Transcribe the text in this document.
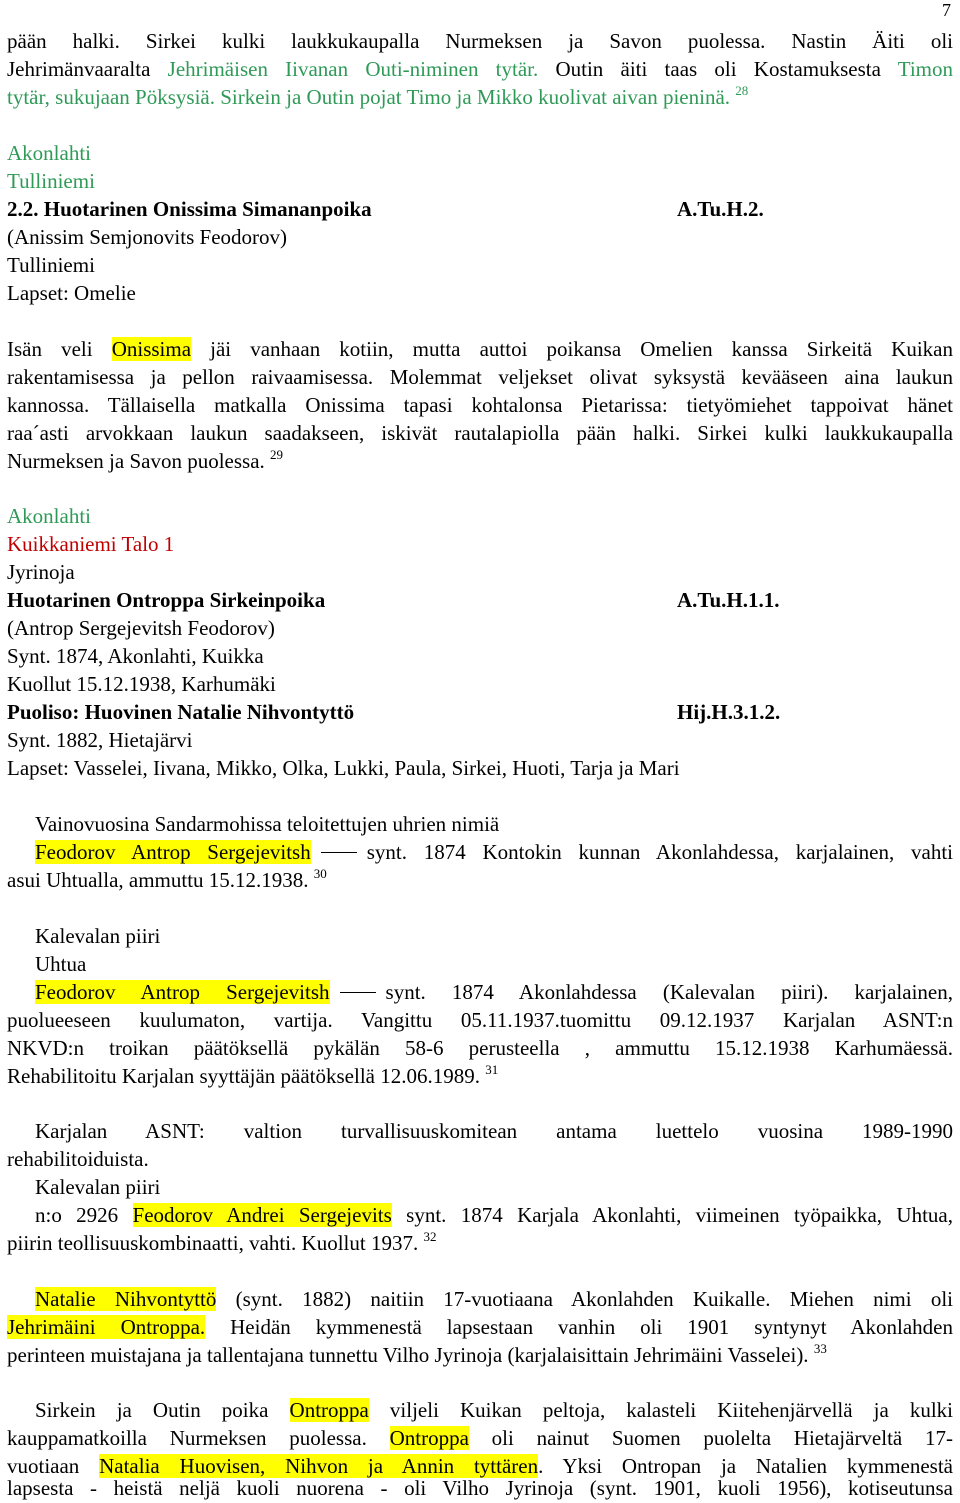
7
pään halki. Sirkei kulki laukkukaupalla Nurmeksen ja Savon puolessa. Nastin Äiti oli
Jehrimänvaaralta Jehrimäisen Iivanan Outi-niminen tytär. Outin äiti taas oli Kostamuksesta Timon
tytär, sukujaan Pöksysiä. Sirkein ja Outin pojat Timo ja Mikko kuolivat aivan pieninä. $^{28}$
Akonlahti
Tulliniemi
2.2. Huotarinen Onissima Simananpoika	A.Tu.H.2.
(Anissim Semjonovits Feodorov)
Tulliniemi
Lapset: Omelie
Isän veli Onissima jäi vanhaan kotiin, mutta auttoi poikansa Omelien kanssa Sirkeitä Kuikan
rakentamisessa ja pellon raivaamisessa. Molemmat veljekset olivat syksystä kevääseen aina laukun
kannossa. Tällaisella matkalla Onissima tapasi kohtalonsa Pietarissa: tietyömiehet tappoivat hänet
raa´asti arvokkaan laukun saadakseen, iskivät rautalapiolla pään halki. Sirkei kulki laukkukaupalla
Nurmeksen ja Savon puolessa. $^{29}$
Akonlahti
Kuikkaniemi Talo 1
Jyrinoja
Huotarinen Ontroppa Sirkeinpoika	A.Tu.H.1.1.
(Antrop Sergejevitsh Feodorov)
Synt. 1874, Akonlahti, Kuikka
Kuollut 15.12.1938, Karhumäki
Puoliso: Huovinen Natalie Nihvontyttö	Hij.H.3.1.2.
Synt. 1882, Hietajärvi
Lapset: Vasselei, Iivana, Mikko, Olka, Lukki, Paula, Sirkei, Huoti, Tarja ja Mari
Vainovuosina Sandarmohissa teloitettujen uhrien nimiä
Feodorov Antrop Sergejevitsh	synt. 1874 Kontokin kunnan Akonlahdessa, karjalainen, vahti
asui Uhtualla, ammuttu 15.12.1938. $^{30}$
Kalevalan piiri
Uhtua
Feodorov Antrop Sergejevitsh	synt. 1874 Akonlahdessa (Kalevalan piiri). karjalainen,
puolueeseen kuulumaton, vartija. Vangittu 05.11.1937.tuomittu 09.12.1937 Karjalan ASNT:n
NKVD:n troikan päätöksellä pykälän 58-6 perusteella , ammuttu 15.12.1938 Karhumäessä.
Rehabilitoitu Karjalan syyttäjän päätöksellä 12.06.1989. $^{31}$
Karjalan ASNT: valtion turvallisuuskomitean antama luettelo vuosina 1989-1990
rehabilitoiduista.
Kalevalan piiri
n:o 2926 Feodorov Andrei Sergejevits synt. 1874 Karjala Akonlahti, viimeinen työpaikka, Uhtua,
piirin teollisuuskombinaatti, vahti. Kuollut 1937. $^{32}$
Natalie Nihvontyttö (synt. 1882) naitiin 17-vuotiaana Akonlahden Kuikalle. Miehen nimi oli
Jehrimäini Ontroppa. Heidän kymmenestä lapsestaan vanhin oli 1901 syntynyt Akonlahden
perinteen muistajana ja tallentajana tunnettu Vilho Jyrinoja (karjalaisittain Jehrimäini Vasselei). $^{33}$
Sirkein ja Outin poika Ontroppa viljeli Kuikan peltoja, kalasteli Kiitehenjärvellä ja kulki
kauppamatkoilla Nurmeksen puolessa. Ontroppa oli nainut Suomen puolelta Hietajärveltä 17-
vuotiaan Natalia Huovisen, Nihvon ja Annin tyttären. Yksi Ontropan ja Natalien kymmenestä
lapsesta - heistä neljä kuoli nuorena - oli Vilho Jyrinoja (synt. 1901, kuoli 1956), kotiseutunsa
